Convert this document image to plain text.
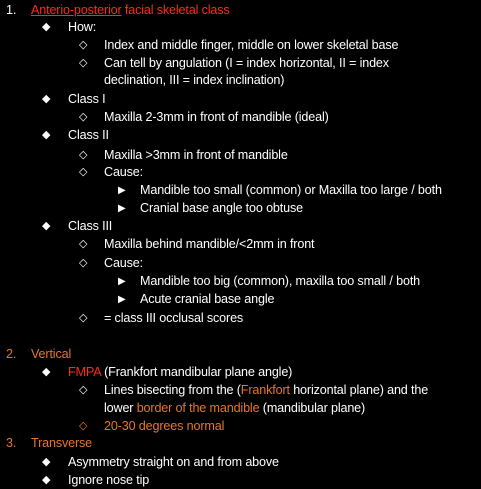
1. Anterio-posterior facial skeletal class
◆ How:
◇ Index and middle finger, middle on lower skeletal base
◇ Can tell by angulation (I = index horizontal, II = index
declination, III = index inclination)
◆ Class I
◇ Maxilla 2-3mm in front of mandible (ideal)
◆ Class II
◇ Maxilla >3mm in front of mandible
◇ Cause:
▶ Mandible too small (common) or Maxilla too large / both
▶ Cranial base angle too obtuse
◆ Class III
◇ Maxilla behind mandible/<2mm in front
◇ Cause:
▶ Mandible too big (common), maxilla too small / both
▶ Acute cranial base angle
◇ = class III occlusal scores
2. Vertical
◆ FMPA (Frankfort mandibular plane angle)
◇ Lines bisecting from the (Frankfort horizontal plane) and the
lower border of the mandible (mandibular plane)
◇ 20-30 degrees normal
3. Transverse
◆ Asymmetry straight on and from above
◆ Ignore nose tip
